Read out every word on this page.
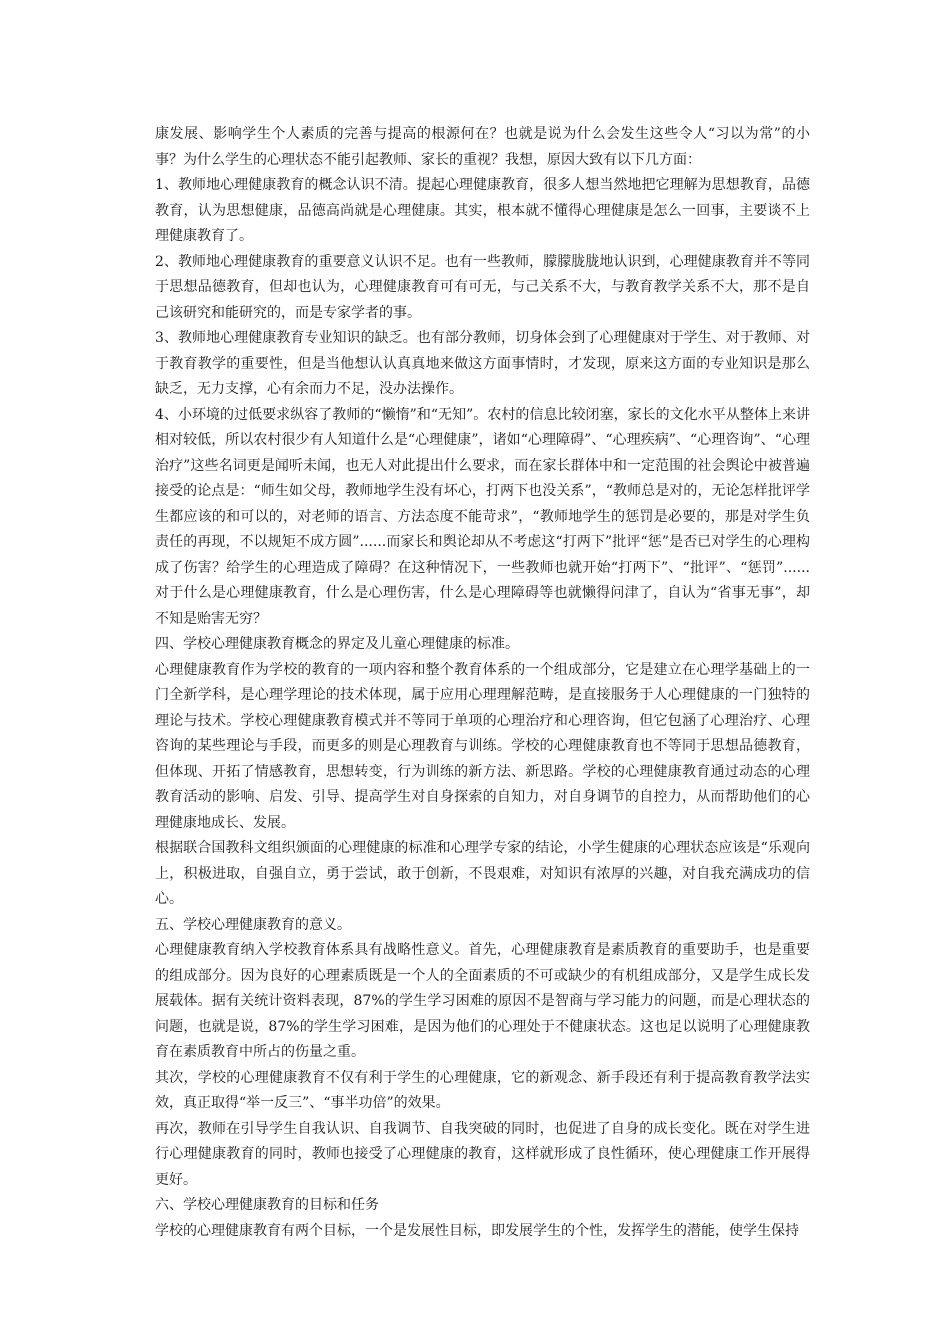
康发展、影响学生个人素质的完善与提高的根源何在？也就是说为什么会发生这些令人“习以为常”的小事？为什么学生的心理状态不能引起教师、家长的重视？我想，原因大致有以下几方面：

1、教师地心理健康教育的概念认识不清。提起心理健康教育，很多人想当然地把它理解为思想教育，品德教育，认为思想健康，品德高尚就是心理健康。其实，根本就不懂得心理健康是怎么一回事，主要谈不上理健康教育了。

2、教师地心理健康教育的重要意义认识不足。也有一些教师，朦朦胧胧地认识到，心理健康教育并不等同于思想品德教育，但却也认为，心理健康教育可有可无，与己关系不大，与教育教学关系不大，那不是自己该研究和能研究的，而是专家学者的事。

3、教师地心理健康教育专业知识的缺乏。也有部分教师，切身体会到了心理健康对于学生、对于教师、对于教育教学的重要性，但是当他想认认真真地来做这方面事情时，才发现，原来这方面的专业知识是那么缺乏，无力支撑，心有余而力不足，没办法操作。

4、小环境的过低要求纵容了教师的“懒惰”和“无知”。农村的信息比较闭塞，家长的文化水平从整体上来讲相对较低，所以农村很少有人知道什么是“心理健康”，诸如“心理障碍”、“心理疾病”、“心理咨询”、“心理治疗”这些名词更是闻听未闻，也无人对此提出什么要求，而在家长群体中和一定范围的社会舆论中被普遍接受的论点是：“师生如父母，教师地学生没有坏心，打两下也没关系”，“教师总是对的，无论怎样批评学生都应该的和可以的，对老师的语言、方法态度不能苛求”，“教师地学生的惩罚是必要的，那是对学生负责任的再现，不以规矩不成方圆”......而家长和舆论却从不考虑这“打两下”批评“惩”是否已对学生的心理构成了伤害？给学生的心理造成了障碍？在这种情况下，一些教师也就开始“打两下”、“批评”、“惩罚”......对于什么是心理健康教育，什么是心理伤害，什么是心理障碍等也就懒得问津了，自认为“省事无事”，却不知是贻害无穷？

四、学校心理健康教育概念的界定及儿童心理健康的标准。

心理健康教育作为学校的教育的一项内容和整个教育体系的一个组成部分，它是建立在心理学基础上的一门全新学科，是心理学理论的技术体现，属于应用心理理解范畴，是直接服务于人心理健康的一门独特的理论与技术。学校心理健康教育模式并不等同于单项的心理治疗和心理咨询，但它包涵了心理治疗、心理咨询的某些理论与手段，而更多的则是心理教育与训练。学校的心理健康教育也不等同于思想品德教育，但体现、开拓了情感教育，思想转变，行为训练的新方法、新思路。学校的心理健康教育通过动态的心理教育活动的影响、启发、引导、提高学生对自身探索的自知力，对自身调节的自控力，从而帮助他们的心理健康地成长、发展。

根据联合国教科文组织颁面的心理健康的标准和心理学专家的结论，小学生健康的心理状态应该是“乐观向上，积极进取，自强自立，勇于尝试，敢于创新，不畏艰难，对知识有浓厚的兴趣，对自我充满成功的信心。

五、学校心理健康教育的意义。

心理健康教育纳入学校教育体系具有战略性意义。首先，心理健康教育是素质教育的重要助手，也是重要的组成部分。因为良好的心理素质既是一个人的全面素质的不可或缺少的有机组成部分，又是学生成长发展载体。据有关统计资料表现，87%的学生学习困难的原因不是智商与学习能力的问题，而是心理状态的问题，也就是说，87%的学生学习困难，是因为他们的心理处于不健康状态。这也足以说明了心理健康教育在素质教育中所占的伤量之重。

其次，学校的心理健康教育不仅有利于学生的心理健康，它的新观念、新手段还有利于提高教育教学法实效，真正取得“举一反三”、“事半功倍”的效果。

再次，教师在引导学生自我认识、自我调节、自我突破的同时，也促进了自身的成长变化。既在对学生进行心理健康教育的同时，教师也接受了心理健康的教育，这样就形成了良性循环，使心理健康工作开展得更好。

六、学校心理健康教育的目标和任务

学校的心理健康教育有两个目标，一个是发展性目标，即发展学生的个性，发挥学生的潜能，使学生保持
